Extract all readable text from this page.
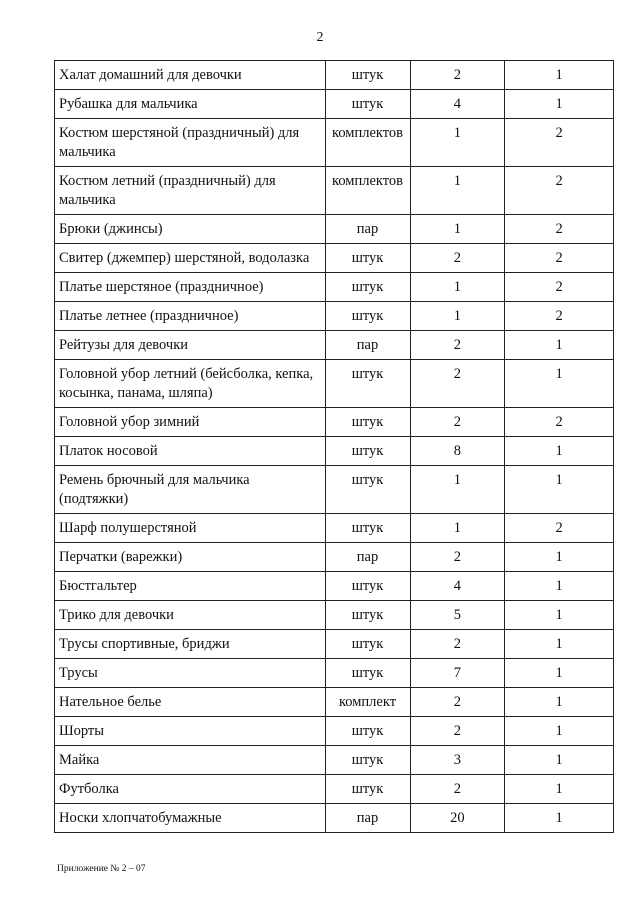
2
Халат домашний для девочки	штук	2	1
Рубашка для мальчика	штук	4	1
Костюм шерстяной (праздничный) для мальчика	комплектов	1	2
Костюм летний (праздничный) для мальчика	комплектов	1	2
Брюки (джинсы)	пар	1	2
Свитер (джемпер) шерстяной, водолазка	штук	2	2
Платье шерстяное (праздничное)	штук	1	2
Платье летнее (праздничное)	штук	1	2
Рейтузы для девочки	пар	2	1
Головной убор летний (бейсболка, кепка, косынка, панама, шляпа)	штук	2	1
Головной убор зимний	штук	2	2
Платок носовой	штук	8	1
Ремень брючный для мальчика (подтяжки)	штук	1	1
Шарф полушерстяной	штук	1	2
Перчатки (варежки)	пар	2	1
Бюстгальтер	штук	4	1
Трико для девочки	штук	5	1
Трусы спортивные, бриджи	штук	2	1
Трусы	штук	7	1
Нательное белье	комплект	2	1
Шорты	штук	2	1
Майка	штук	3	1
Футболка	штук	2	1
Носки хлопчатобумажные	пар	20	1
Приложение № 2 – 07
